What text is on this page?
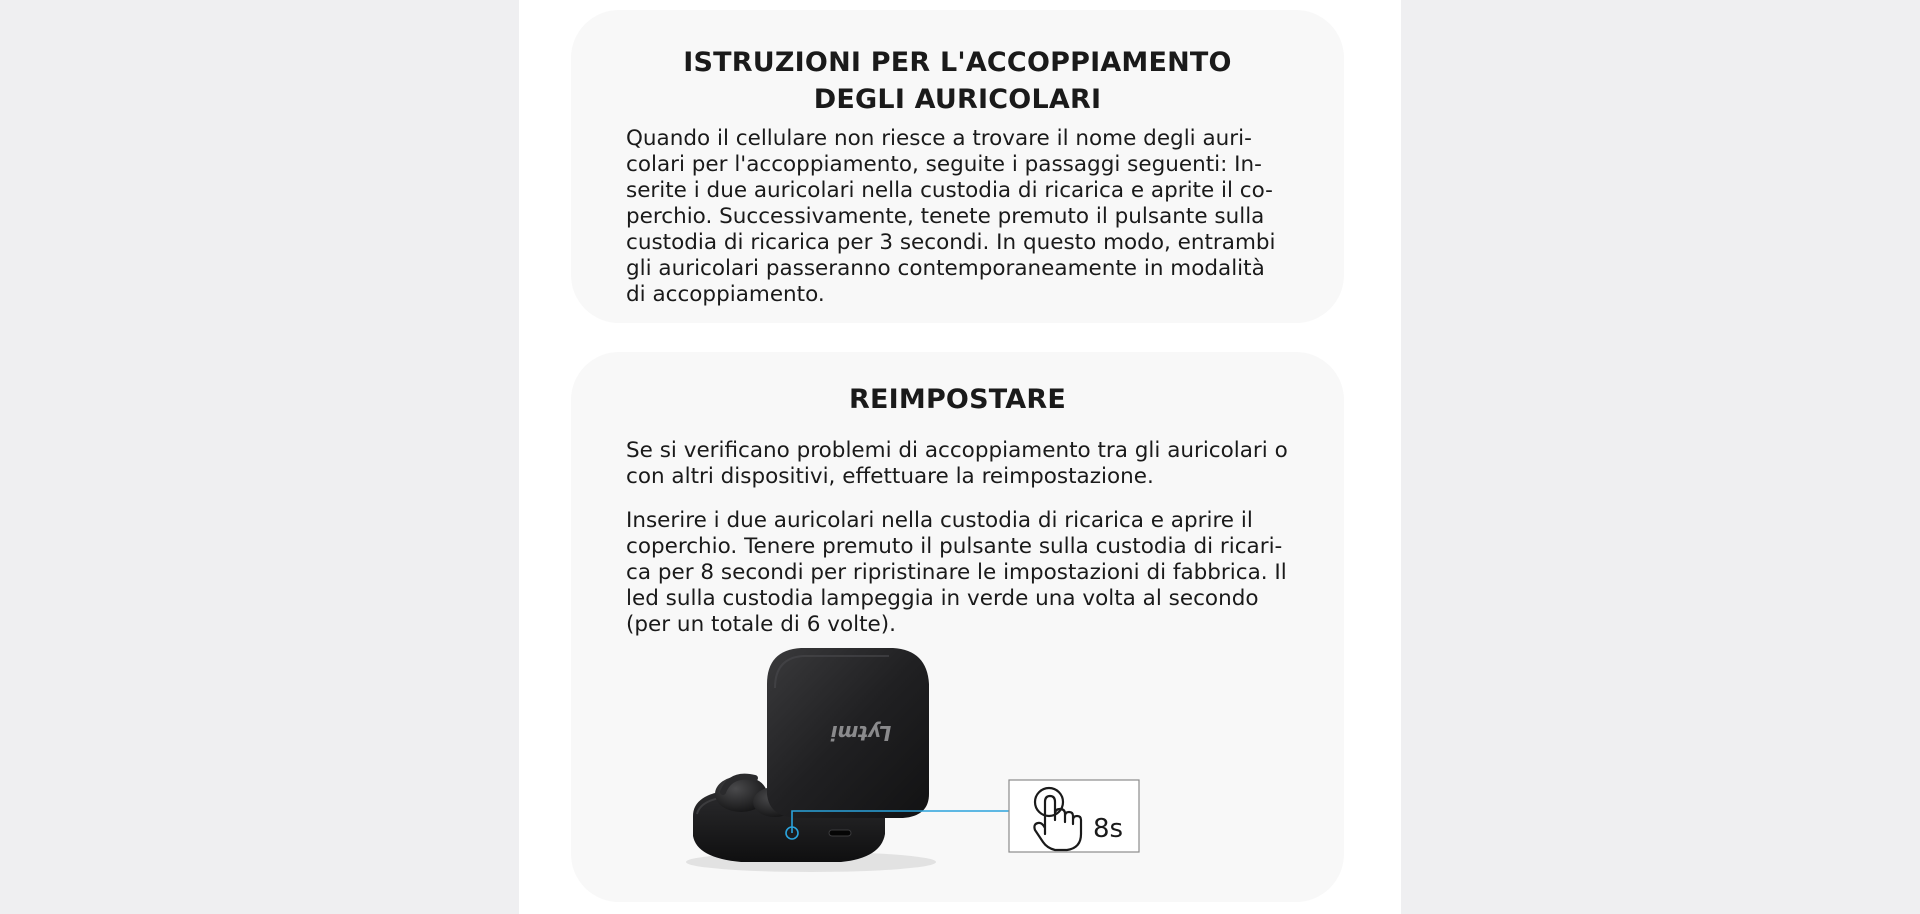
ISTRUZIONI PER L'ACCOPPIAMENTO
DEGLI AURICOLARI

Quando il cellulare non riesce a trovare il nome degli auri-
colari per l'accoppiamento, seguite i passaggi seguenti: In-
serite i due auricolari nella custodia di ricarica e aprite il co-
perchio. Successivamente, tenete premuto il pulsante sulla
custodia di ricarica per 3 secondi. In questo modo, entrambi
gli auricolari passeranno contemporaneamente in modalità
di accoppiamento.

REIMPOSTARE

Se si verificano problemi di accoppiamento tra gli auricolari o
con altri dispositivi, effettuare la reimpostazione.

Inserire i due auricolari nella custodia di ricarica e aprire il
coperchio. Tenere premuto il pulsante sulla custodia di ricari-
ca per 8 secondi per ripristinare le impostazioni di fabbrica. Il
led sulla custodia lampeggia in verde una volta al secondo
(per un totale di 6 volte).

Lytmi
8s
